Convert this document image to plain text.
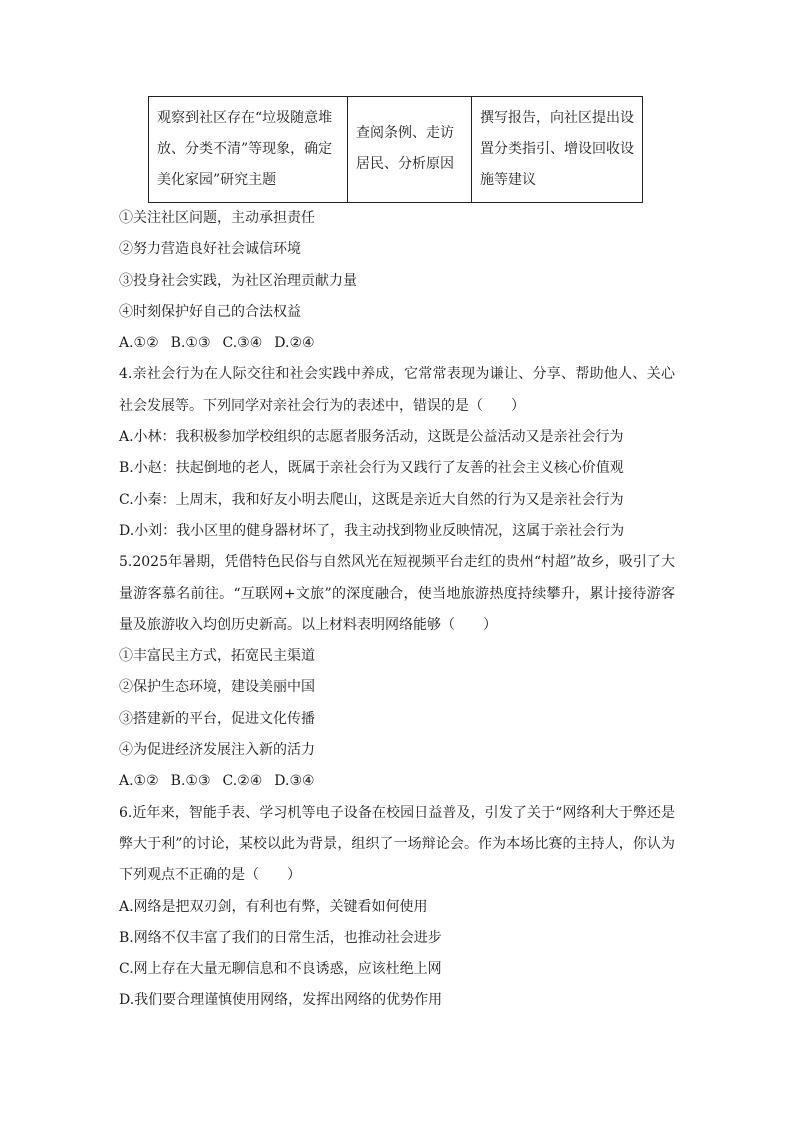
观察到社区存在“垃圾随意堆放、分类不清”等现象，确定美化家园”研究主题	查阅条例、走访居民、分析原因	撰写报告，向社区提出设置分类指引、增设回收设施等建议
①关注社区问题，主动承担责任
②努力营造良好社会诚信环境
③投身社会实践，为社区治理贡献力量
④时刻保护好自己的合法权益
A.①② B.①③ C.③④ D.②④
4.亲社会行为在人际交往和社会实践中养成，它常常表现为谦让、分享、帮助他人、关心社会发展等。下列同学对亲社会行为的表述中，错误的是（　　）
A.小林：我积极参加学校组织的志愿者服务活动，这既是公益活动又是亲社会行为
B.小赵：扶起倒地的老人，既属于亲社会行为又践行了友善的社会主义核心价值观
C.小秦：上周末，我和好友小明去爬山，这既是亲近大自然的行为又是亲社会行为
D.小刘：我小区里的健身器材坏了，我主动找到物业反映情况，这属于亲社会行为
5.2025年暑期，凭借特色民俗与自然风光在短视频平台走红的贵州“村超”故乡，吸引了大量游客慕名前往。“互联网+文旅”的深度融合，使当地旅游热度持续攀升，累计接待游客量及旅游收入均创历史新高。以上材料表明网络能够（　　）
①丰富民主方式，拓宽民主渠道
②保护生态环境，建设美丽中国
③搭建新的平台，促进文化传播
④为促进经济发展注入新的活力
A.①② B.①③ C.②④ D.③④
6.近年来，智能手表、学习机等电子设备在校园日益普及，引发了关于“网络利大于弊还是弊大于利”的讨论，某校以此为背景，组织了一场辩论会。作为本场比赛的主持人，你认为下列观点不正确的是（　　）
A.网络是把双刃剑，有利也有弊，关键看如何使用
B.网络不仅丰富了我们的日常生活，也推动社会进步
C.网上存在大量无聊信息和不良诱惑，应该杜绝上网
D.我们要合理谨慎使用网络，发挥出网络的优势作用
